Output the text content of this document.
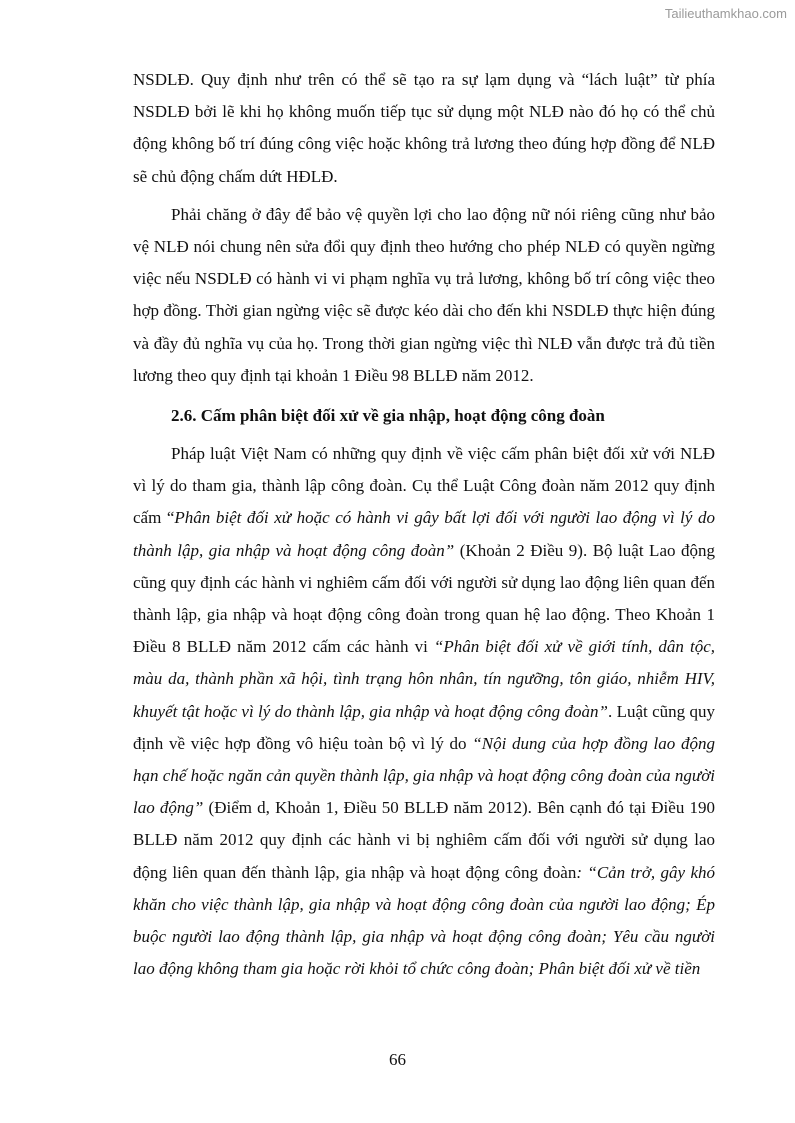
Tailieuthamkhao.com

NSDLĐ. Quy định như trên có thể sẽ tạo ra sự lạm dụng và “lách luật” từ phía NSDLĐ bởi lẽ khi họ không muốn tiếp tục sử dụng một NLĐ nào đó họ có thể chủ động không bố trí đúng công việc hoặc không trả lương theo đúng hợp đồng để NLĐ sẽ chủ động chấm dứt HĐLĐ.

Phải chăng ở đây để bảo vệ quyền lợi cho lao động nữ nói riêng cũng như bảo vệ NLĐ nói chung nên sửa đổi quy định theo hướng cho phép NLĐ có quyền ngừng việc nếu NSDLĐ có hành vi vi phạm nghĩa vụ trả lương, không bố trí công việc theo hợp đồng. Thời gian ngừng việc sẽ được kéo dài cho đến khi NSDLĐ thực hiện đúng và đầy đủ nghĩa vụ của họ. Trong thời gian ngừng việc thì NLĐ vẫn được trả đủ tiền lương theo quy định tại khoản 1 Điều 98 BLLĐ năm 2012.

2.6. Cấm phân biệt đối xử về gia nhập, hoạt động công đoàn

Pháp luật Việt Nam có những quy định về việc cấm phân biệt đối xử với NLĐ vì lý do tham gia, thành lập công đoàn. Cụ thể Luật Công đoàn năm 2012 quy định cấm “Phân biệt đối xử hoặc có hành vi gây bất lợi đối với người lao động vì lý do thành lập, gia nhập và hoạt động công đoàn” (Khoản 2 Điều 9). Bộ luật Lao động cũng quy định các hành vi nghiêm cấm đối với người sử dụng lao động liên quan đến thành lập, gia nhập và hoạt động công đoàn trong quan hệ lao động. Theo Khoản 1 Điều 8 BLLĐ năm 2012 cấm các hành vi “Phân biệt đối xử về giới tính, dân tộc, màu da, thành phần xã hội, tình trạng hôn nhân, tín ngưỡng, tôn giáo, nhiễm HIV, khuyết tật hoặc vì lý do thành lập, gia nhập và hoạt động công đoàn”. Luật cũng quy định về việc hợp đồng vô hiệu toàn bộ vì lý do “Nội dung của hợp đồng lao động hạn chế hoặc ngăn cản quyền thành lập, gia nhập và hoạt động công đoàn của người lao động” (Điểm d, Khoản 1, Điều 50 BLLĐ năm 2012). Bên cạnh đó tại Điều 190 BLLĐ năm 2012 quy định các hành vi bị nghiêm cấm đối với người sử dụng lao động liên quan đến thành lập, gia nhập và hoạt động công đoàn: “Cản trở, gây khó khăn cho việc thành lập, gia nhập và hoạt động công đoàn của người lao động; Ép buộc người lao động thành lập, gia nhập và hoạt động công đoàn; Yêu cầu người lao động không tham gia hoặc rời khỏi tổ chức công đoàn; Phân biệt đối xử về tiền

66
